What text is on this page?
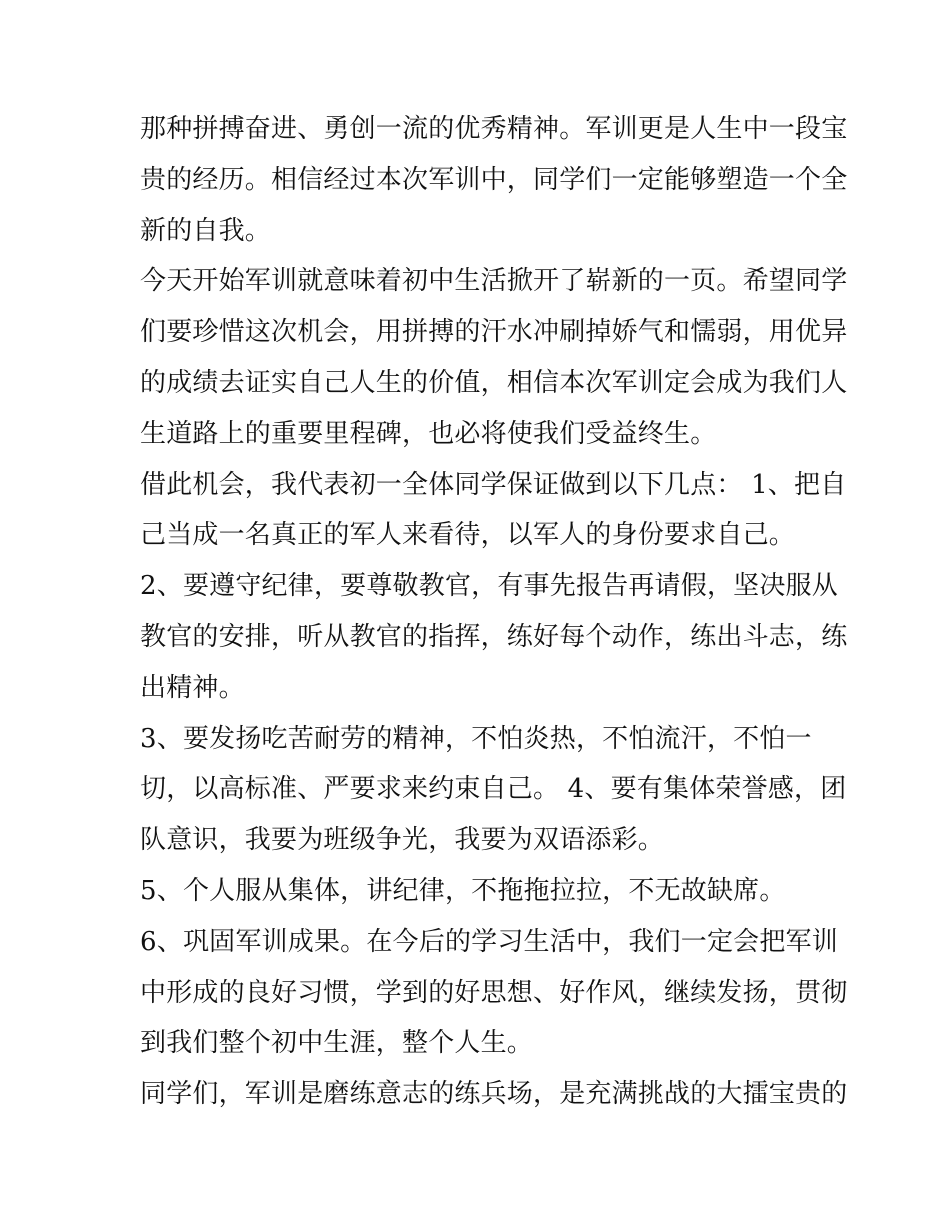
那种拼搏奋进、勇创一流的优秀精神。军训更是人生中一段宝
贵的经历。相信经过本次军训中，同学们一定能够塑造一个全
新的自我。
今天开始军训就意味着初中生活掀开了崭新的一页。希望同学
们要珍惜这次机会，用拼搏的汗水冲刷掉娇气和懦弱，用优异
的成绩去证实自己人生的价值，相信本次军训定会成为我们人
生道路上的重要里程碑，也必将使我们受益终生。
借此机会，我代表初一全体同学保证做到以下几点： 1、把自
己当成一名真正的军人来看待，以军人的身份要求自己。
2、要遵守纪律，要尊敬教官，有事先报告再请假，坚决服从
教官的安排，听从教官的指挥，练好每个动作，练出斗志，练
出精神。
3、要发扬吃苦耐劳的精神，不怕炎热，不怕流汗，不怕一
切，以高标准、严要求来约束自己。 4、要有集体荣誉感，团
队意识，我要为班级争光，我要为双语添彩。
5、个人服从集体，讲纪律，不拖拖拉拉，不无故缺席。
6、巩固军训成果。在今后的学习生活中，我们一定会把军训
中形成的良好习惯，学到的好思想、好作风，继续发扬，贯彻
到我们整个初中生涯，整个人生。
同学们，军训是磨练意志的练兵场，是充满挑战的大擂宝贵的
